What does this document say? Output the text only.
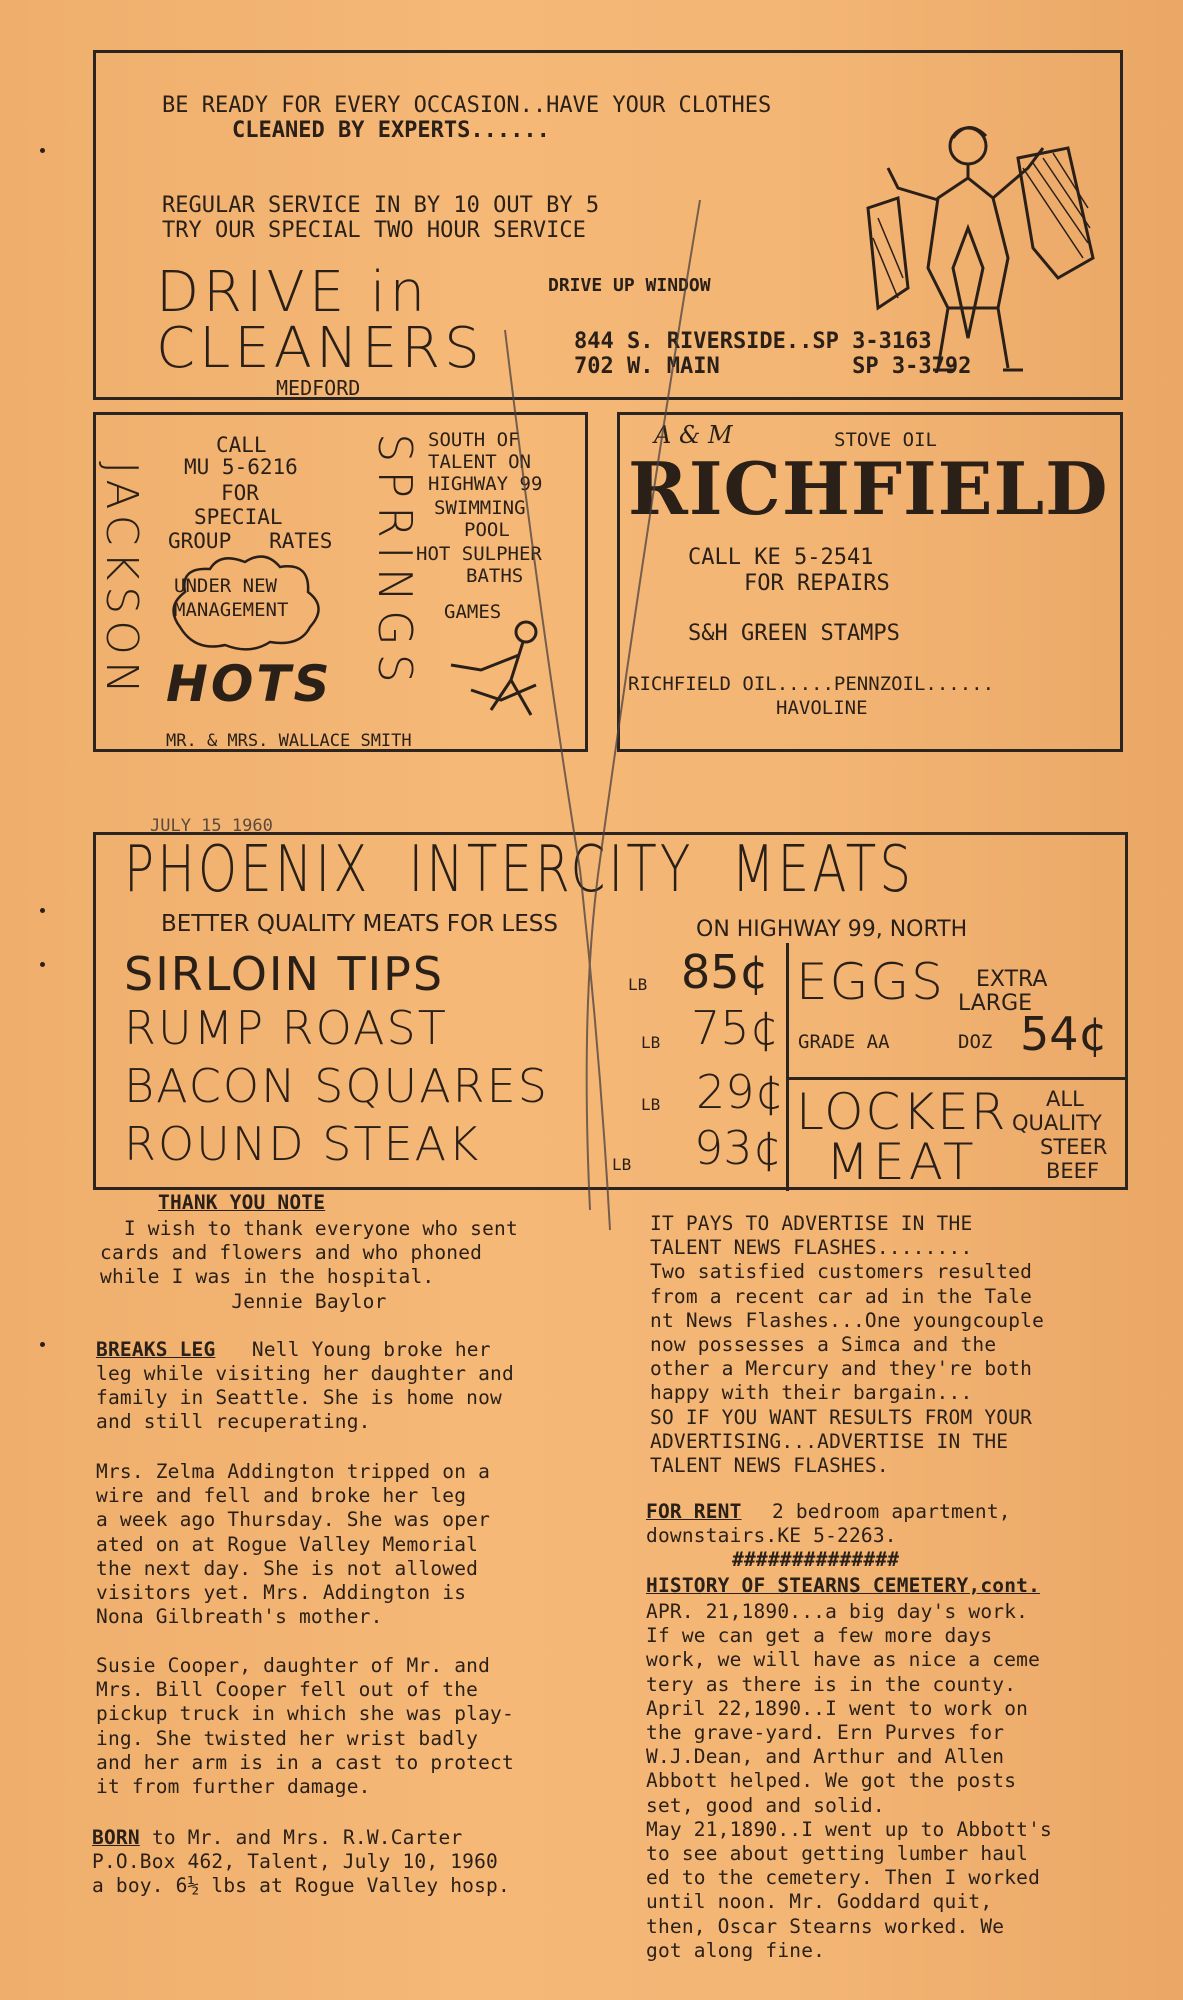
BE READY FOR EVERY OCCASION..HAVE YOUR CLOTHES
CLEANED BY EXPERTS......
REGULAR SERVICE IN BY 10 OUT BY 5
TRY OUR SPECIAL TWO HOUR SERVICE
DRIVE in
CLEANERS
DRIVE UP WINDOW
844 S. RIVERSIDE..SP 3-3163
702 W. MAIN          SP 3-3792
MEDFORD
JACKSON	SPRINGS
CALL
MU 5-6216
FOR
SPECIAL
GROUP   RATES
UNDER NEW
MANAGEMENT
HOTS
SOUTH OF
TALENT ON
HIGHWAY 99
SWIMMING
POOL
HOT SULPHER
BATHS
GAMES
MR. & MRS. WALLACE SMITH
A & M	STOVE OIL
RICHFIELD
CALL KE 5-2541
FOR REPAIRS
S&H GREEN STAMPS
RICHFIELD OIL.....PENNZOIL......
HAVOLINE
JULY 15 1960
PHOENIX  INTERCITY  MEATS
BETTER QUALITY MEATS FOR LESS	ON HIGHWAY 99, NORTH
SIRLOIN TIPS	LB 85¢
RUMP ROAST	LB 75¢
BACON SQUARES	LB 29¢
ROUND STEAK	LB 93¢
EGGS EXTRA
LARGE
GRADE AA	DOZ 54¢
LOCKER
MEAT
ALL
QUALITY
STEER
BEEF
THANK YOU NOTE
I wish to thank everyone who sent
cards and flowers and who phoned
while I was in the hospital.
Jennie Baylor
BREAKS LEG Nell Young broke her
leg while visiting her daughter and
family in Seattle. She is home now
and still recuperating.
Mrs. Zelma Addington tripped on a
wire and fell and broke her leg
a week ago Thursday. She was oper
ated on at Rogue Valley Memorial
the next day. She is not allowed
visitors yet. Mrs. Addington is
Nona Gilbreath's mother.
Susie Cooper, daughter of Mr. and
Mrs. Bill Cooper fell out of the
pickup truck in which she was play-
ing. She twisted her wrist badly
and her arm is in a cast to protect
it from further damage.
BORN to Mr. and Mrs. R.W.Carter
P.O.Box 462, Talent, July 10, 1960
a boy. 6½ lbs at Rogue Valley hosp.
IT PAYS TO ADVERTISE IN THE
TALENT NEWS FLASHES........
Two satisfied customers resulted
from a recent car ad in the Tale
nt News Flashes...One youngcouple
now possesses a Simca and the
other a Mercury and they're both
happy with their bargain...
SO IF YOU WANT RESULTS FROM YOUR
ADVERTISING...ADVERTISE IN THE
TALENT NEWS FLASHES.
FOR RENT 2 bedroom apartment,
downstairs.KE 5-2263.
##############
HISTORY OF STEARNS CEMETERY,cont.
APR. 21,1890...a big day's work.
If we can get a few more days
work, we will have as nice a ceme
tery as there is in the county.
April 22,1890..I went to work on
the grave-yard. Ern Purves for
W.J.Dean, and Arthur and Allen
Abbott helped. We got the posts
set, good and solid.
May 21,1890..I went up to Abbott's
to see about getting lumber haul
ed to the cemetery. Then I worked
until noon. Mr. Goddard quit,
then, Oscar Stearns worked. We
got along fine.
